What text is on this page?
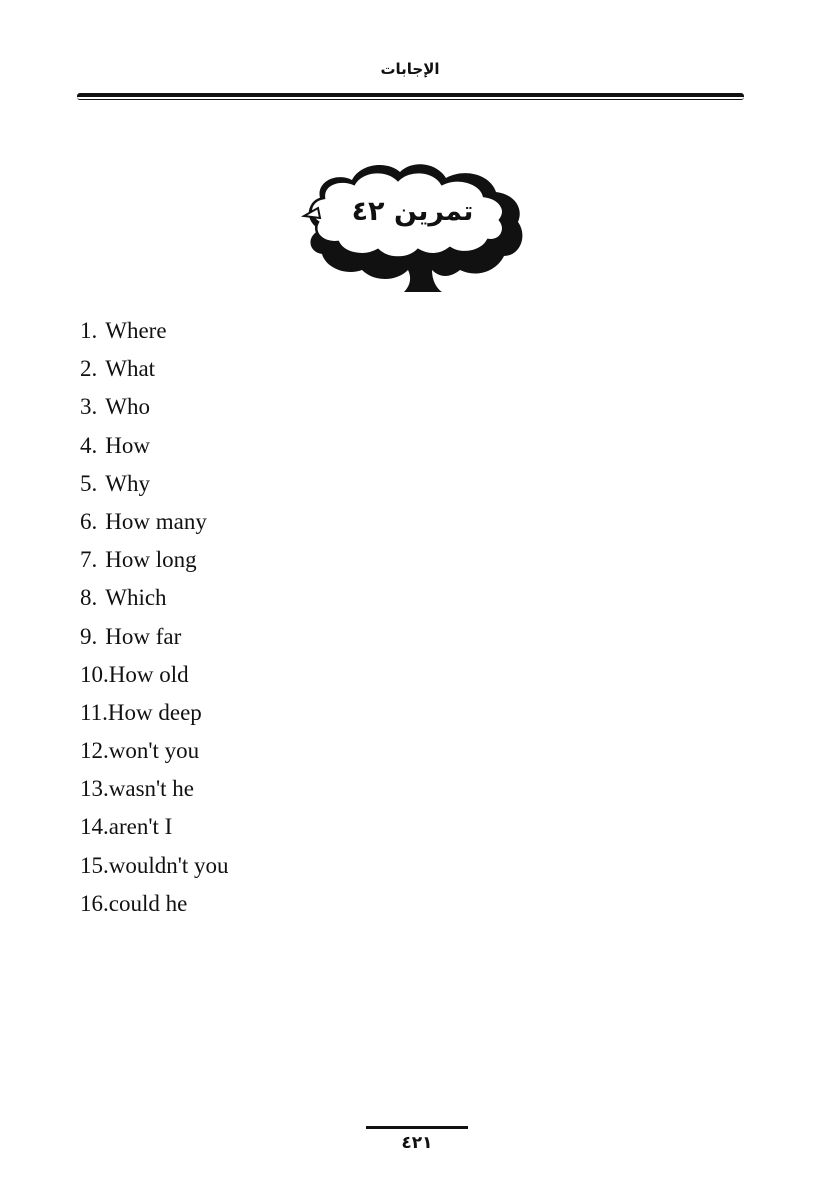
الإجابات
تمرين ٤٢
1. Where
2. What
3. Who
4. How
5. Why
6. How many
7. How long
8. Which
9. How far
10.How old
11.How deep
12.won't you
13.wasn't he
14.aren't I
15.wouldn't you
16.could he
٤٢١
